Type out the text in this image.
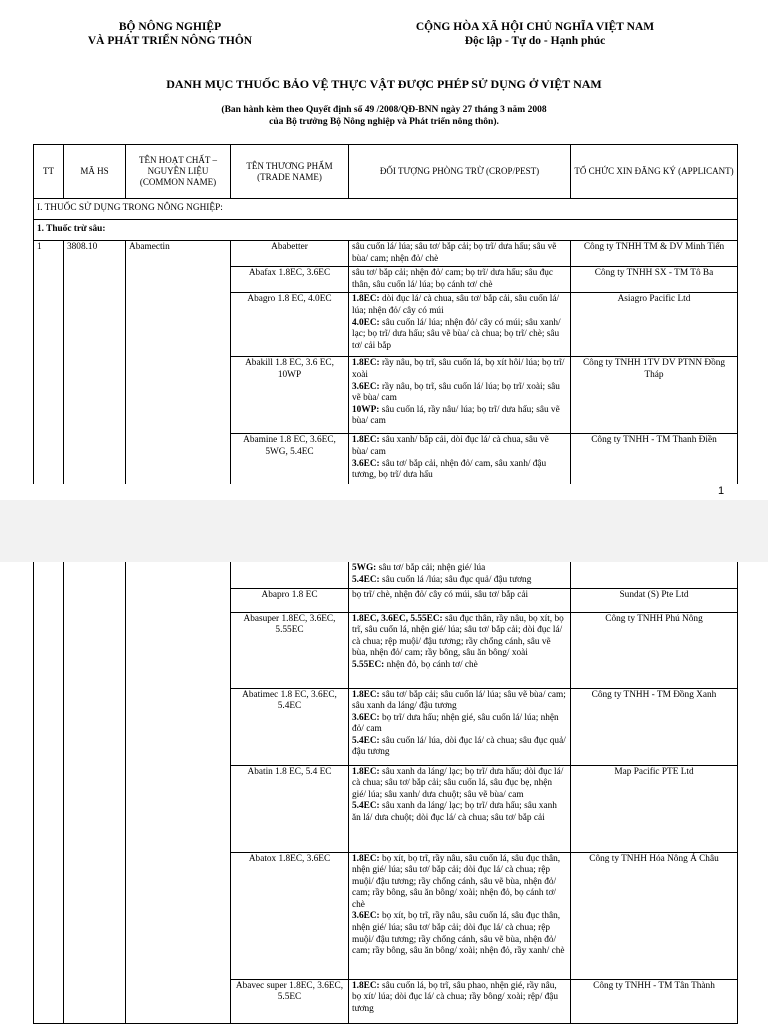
BỘ NÔNG NGHIỆP
VÀ PHÁT TRIỂN NÔNG THÔN
CỘNG HÒA XÃ HỘI CHỦ NGHĨA VIỆT NAM
Độc lập - Tự do - Hạnh phúc
DANH MỤC THUỐC BẢO VỆ THỰC VẬT ĐƯỢC PHÉP SỬ DỤNG Ở VIỆT NAM
(Ban hành kèm theo Quyết định số 49 /2008/QĐ-BNN ngày 27 tháng 3 năm 2008
của Bộ trưởng Bộ Nông nghiệp và Phát triển nông thôn).
TT	MÃ HS	TÊN HOẠT CHẤT – NGUYÊN LIỆU (COMMON NAME)	TÊN THƯƠNG PHẨM (TRADE NAME)	ĐỐI TƯỢNG PHÒNG TRỪ (CROP/PEST)	TỔ CHỨC XIN ĐĂNG KÝ (APPLICANT)
I. THUỐC SỬ DỤNG TRONG NÔNG NGHIỆP:					
1. Thuốc trừ sâu:					
1	3808.10	Abamectin	Ababetter	sâu cuốn lá/ lúa; sâu tơ/ bắp cải; bọ trĩ/ dưa hấu; sâu vẽ bùa/ cam; nhện đỏ/ chè	Công ty TNHH TM & DV Minh Tiến
			Abafax 1.8EC, 3.6EC	sâu tơ/ bắp cải; nhện đỏ/ cam; bọ trĩ/ dưa hấu; sâu đục thân, sâu cuốn lá/ lúa; bọ cánh tơ/ chè	Công ty TNHH SX - TM Tô Ba
			Abagro 1.8 EC, 4.0EC	1.8EC: dòi đục lá/ cà chua, sâu tơ/ bắp cải, sâu cuốn lá/ lúa; nhện đỏ/ cây có múi

4.0EC: sâu cuốn lá/ lúa; nhện đỏ/ cây có múi; sâu xanh/ lạc; bọ trĩ/ dưa hấu; sâu vẽ bùa/ cà chua; bọ trĩ/ chè; sâu tơ/ cải bắp	Asiagro Pacific Ltd
			Abakill 1.8 EC, 3.6 EC, 10WP	1.8EC: rầy nâu, bọ trĩ, sâu cuốn lá, bọ xít hôi/ lúa; bọ trĩ/ xoài

3.6EC: rầy nâu, bọ trĩ, sâu cuốn lá/ lúa; bọ trĩ/ xoài; sâu vẽ bùa/ cam

10WP: sâu cuốn lá, rầy nâu/ lúa; bọ trĩ/ dưa hấu; sâu vẽ bùa/ cam	Công ty TNHH 1TV DV PTNN Đồng Tháp
			Abamine 1.8 EC, 3.6EC, 5WG, 5.4EC	1.8EC: sâu xanh/ bắp cải, dòi đục lá/ cà chua, sâu vẽ bùa/ cam

3.6EC: sâu tơ/ bắp cải, nhện đỏ/ cam, sâu xanh/ đậu tương, bọ trĩ/ dưa hấu	Công ty TNHH - TM Thanh Điền
1

				5WG: sâu tơ/ bắp cải; nhện gié/ lúa

5.4EC: sâu cuốn lá /lúa; sâu đục quả/ đậu tương	

			Abapro 1.8 EC	bọ trĩ/ chè, nhện đỏ/ cây có múi, sâu tơ/ bắp cải	Sundat (S) Pte Ltd
			Abasuper 1.8EC, 3.6EC, 5.55EC	1.8EC, 3.6EC, 5.55EC: sâu đục thân, rầy nâu, bọ xít, bọ trĩ, sâu cuốn lá, nhện gié/ lúa; sâu tơ/ bắp cải; dòi đục lá/ cà chua; rệp muội/ đậu tương; rầy chổng cánh, sâu vẽ bùa, nhện đỏ/ cam; rầy bông, sâu ăn bông/ xoài

5.55EC: nhện đỏ, bọ cánh tơ/ chè	Công ty TNHH Phú Nông
			Abatimec 1.8 EC, 3.6EC, 5.4EC	1.8EC: sâu tơ/ bắp cải; sâu cuốn lá/ lúa; sâu vẽ bùa/ cam; sâu xanh da láng/ đậu tương

3.6EC: bọ trĩ/ dưa hấu; nhện gié, sâu cuốn lá/ lúa; nhện đỏ/ cam

5.4EC: sâu cuốn lá/ lúa, dòi đục lá/ cà chua; sâu đục quả/ đậu tương	Công ty TNHH - TM Đồng Xanh
			Abatin 1.8 EC, 5.4 EC	1.8EC: sâu xanh da láng/ lạc; bọ trĩ/ dưa hấu; dòi đục lá/ cà chua; sâu tơ/ bắp cải; sâu cuốn lá, sâu đục bẹ, nhện gié/ lúa; sâu xanh/ dưa chuột; sâu vẽ bùa/ cam

5.4EC: sâu xanh da láng/ lạc; bọ trĩ/ dưa hấu; sâu xanh ăn lá/ dưa chuột; dòi đục lá/ cà chua; sâu tơ/ bắp cải	Map Pacific PTE Ltd
			Abatox 1.8EC, 3.6EC	1.8EC: bọ xít, bọ trĩ, rầy nâu, sâu cuốn lá, sâu đục thân, nhện gié/ lúa; sâu tơ/ bắp cải; dòi đục lá/ cà chua; rệp muội/ đậu tương; rầy chổng cánh, sâu vẽ bùa, nhện đỏ/ cam; rầy bông, sâu ăn bông/ xoài; nhện đỏ, bọ cánh tơ/ chè

3.6EC: bọ xít, bọ trĩ, rầy nâu, sâu cuốn lá, sâu đục thân, nhện gié/ lúa; sâu tơ/ bắp cải; dòi đục lá/ cà chua; rệp muội/ đậu tương; rầy chổng cánh, sâu vẽ bùa, nhện đỏ/ cam; rầy bông, sâu ăn bông/ xoài; nhện đỏ, rầy xanh/ chè	Công ty TNHH Hóa Nông Á Châu
			Abavec super 1.8EC, 3.6EC, 5.5EC	1.8EC: sâu cuốn lá, bọ trĩ, sâu phao, nhện gié, rầy nâu, bọ xít/ lúa; dòi đục lá/ cà chua; rầy bông/ xoài; rệp/ đậu tương	Công ty TNHH - TM Tân Thành
